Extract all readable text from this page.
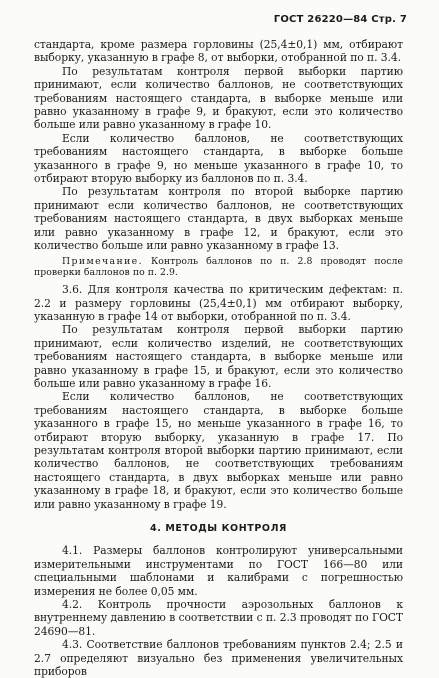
ГОСТ 26220—84 Стр. 7

стандарта, кроме размера горловины (25,4±0,1) мм, отбирают выборку, указанную в графе 8, от выборки, отобранной по п. 3.4.

По результатам контроля первой выборки партию принимают, если количество баллонов, не соответствующих требованиям настоящего стандарта, в выборке меньше или равно указанному в графе 9, и бракуют, если это количество больше или равно указанному в графе 10.

Если количество баллонов, не соответствующих требованиям настоящего стандарта, в выборке больше указанного в графе 9, но меньше указанного в графе 10, то отбирают вторую выборку из баллонов по п. 3.4.

По результатам контроля по второй выборке партию принимают если количество баллонов, не соответствующих требованиям настоящего стандарта, в двух выборках меньше или равно указанному в графе 12, и бракуют, если это количество больше или равно указанному в графе 13.

Примечание. Контроль баллонов по п. 2.8 проводят после проверки баллонов по п. 2.9.

3.6. Для контроля качества по критическим дефектам: п. 2.2 и размеру горловины (25,4±0,1) мм отбирают выборку, указанную в графе 14 от выборки, отобранной по п. 3.4.

По результатам контроля первой выборки партию принимают, если количество изделий, не соответствующих требованиям настоящего стандарта, в выборке меньше или равно указанному в графе 15, и бракуют, если это количество больше или равно указанному в графе 16.

Если количество баллонов, не соответствующих требованиям настоящего стандарта, в выборке больше указанного в графе 15, но меньше указанного в графе 16, то отбирают вторую выборку, указанную в графе 17. По результатам контроля второй выборки партию принимают, если количество баллонов, не соответствующих требованиям настоящего стандарта, в двух выборках меньше или равно указанному в графе 18, и бракуют, если это количество больше или равно указанному в графе 19.

4. МЕТОДЫ КОНТРОЛЯ

4.1. Размеры баллонов контролируют универсальными измерительными инструментами по ГОСТ 166—80 или специальными шаблонами и калибрами с погрешностью измерения не более 0,05 мм.

4.2. Контроль прочности аэрозольных баллонов к внутреннему давлению в соответствии с п. 2.3 проводят по ГОСТ 24690—81.

4.3. Соответствие баллонов требованиям пунктов 2.4; 2.5 и 2.7 определяют визуально без применения увеличительных приборов
